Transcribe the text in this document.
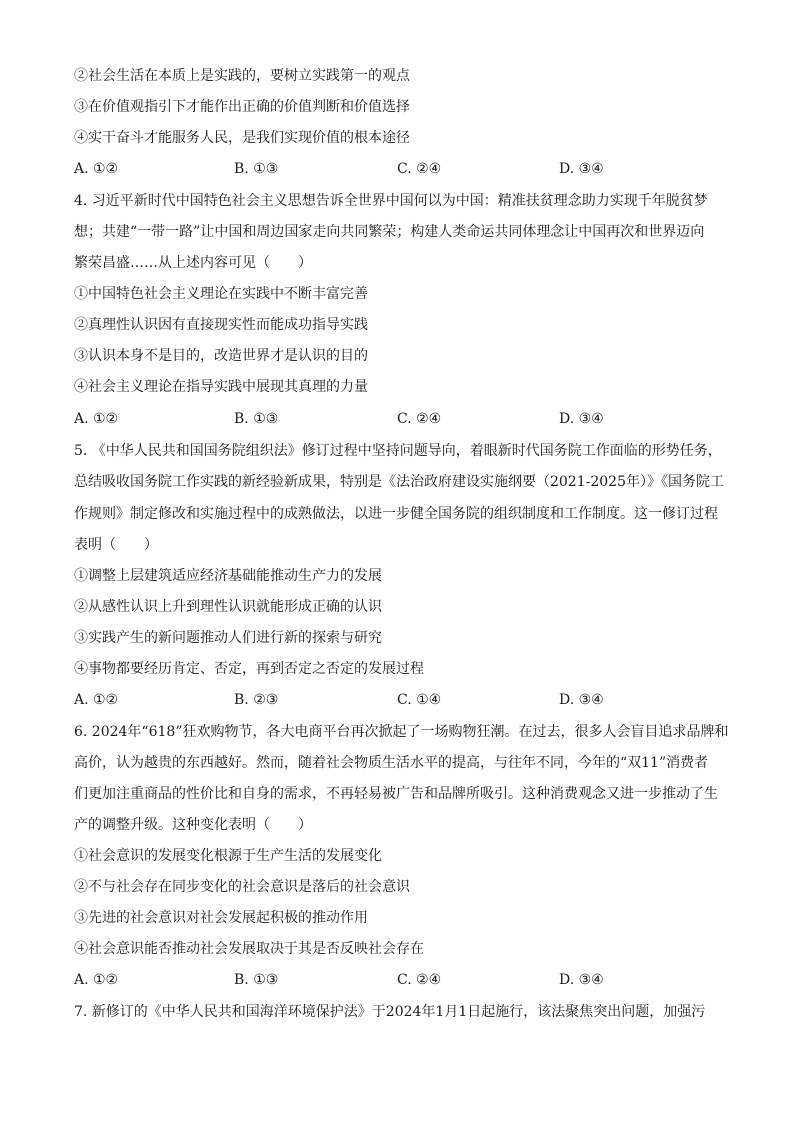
②社会生活在本质上是实践的，要树立实践第一的观点
③在价值观指引下才能作出正确的价值判断和价值选择
④实干奋斗才能服务人民，是我们实现价值的根本途径
A. ①②	B. ①③	C. ②④	D. ③④
4. 习近平新时代中国特色社会主义思想告诉全世界中国何以为中国：精准扶贫理念助力实现千年脱贫梦
想；共建“一带一路”让中国和周边国家走向共同繁荣；构建人类命运共同体理念让中国再次和世界迈向
繁荣昌盛……从上述内容可见（　　）
①中国特色社会主义理论在实践中不断丰富完善
②真理性认识因有直接现实性而能成功指导实践
③认识本身不是目的，改造世界才是认识的目的
④社会主义理论在指导实践中展现其真理的力量
A. ①②	B. ①③	C. ②④	D. ③④
5. 《中华人民共和国国务院组织法》修订过程中坚持问题导向，着眼新时代国务院工作面临的形势任务，
总结吸收国务院工作实践的新经验新成果，特别是《法治政府建设实施纲要（2021-2025年）》《国务院工
作规则》制定修改和实施过程中的成熟做法，以进一步健全国务院的组织制度和工作制度。这一修订过程
表明（　　）
①调整上层建筑适应经济基础能推动生产力的发展
②从感性认识上升到理性认识就能形成正确的认识
③实践产生的新问题推动人们进行新的探索与研究
④事物都要经历肯定、否定，再到否定之否定的发展过程
A. ①②	B. ②③	C. ①④	D. ③④
6. 2024年“618”狂欢购物节，各大电商平台再次掀起了一场购物狂潮。在过去，很多人会盲目追求品牌和
高价，认为越贵的东西越好。然而，随着社会物质生活水平的提高，与往年不同，今年的“双11”消费者
们更加注重商品的性价比和自身的需求，不再轻易被广告和品牌所吸引。这种消费观念又进一步推动了生
产的调整升级。这种变化表明（　　）
①社会意识的发展变化根源于生产生活的发展变化
②不与社会存在同步变化的社会意识是落后的社会意识
③先进的社会意识对社会发展起积极的推动作用
④社会意识能否推动社会发展取决于其是否反映社会存在
A. ①②	B. ①③	C. ②④	D. ③④
7. 新修订的《中华人民共和国海洋环境保护法》于2024年1月1日起施行，该法聚焦突出问题，加强污
